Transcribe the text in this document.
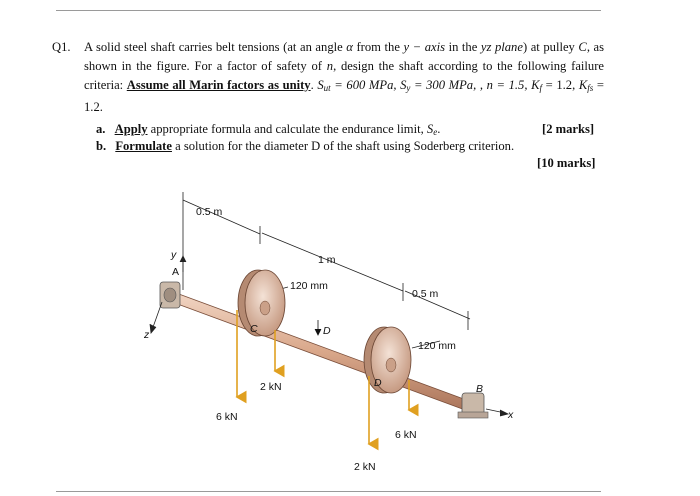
Q1. A solid steel shaft carries belt tensions (at an angle α from the y − axis in the yz plane) at pulley C, as shown in the figure. For a factor of safety of n, design the shaft according to the following failure criteria: Assume all Marin factors as unity. $S_{ut} = 600$ MPa, $S_y = 300$ MPa, , n = 1.5, $K_f = 1.2$, $K_{fs} = 1.2$.
a. Apply appropriate formula and calculate the endurance limit, $S_e$.	[2 marks]
b. Formulate a solution for the diameter D of the shaft using Soderberg criterion.
[10 marks]
0.5 m
1 m
120 mm
0.5 m
120 mm
y
A
z	C	D
D	B
x
6 kN
2 kN
2 kN
6 kN
